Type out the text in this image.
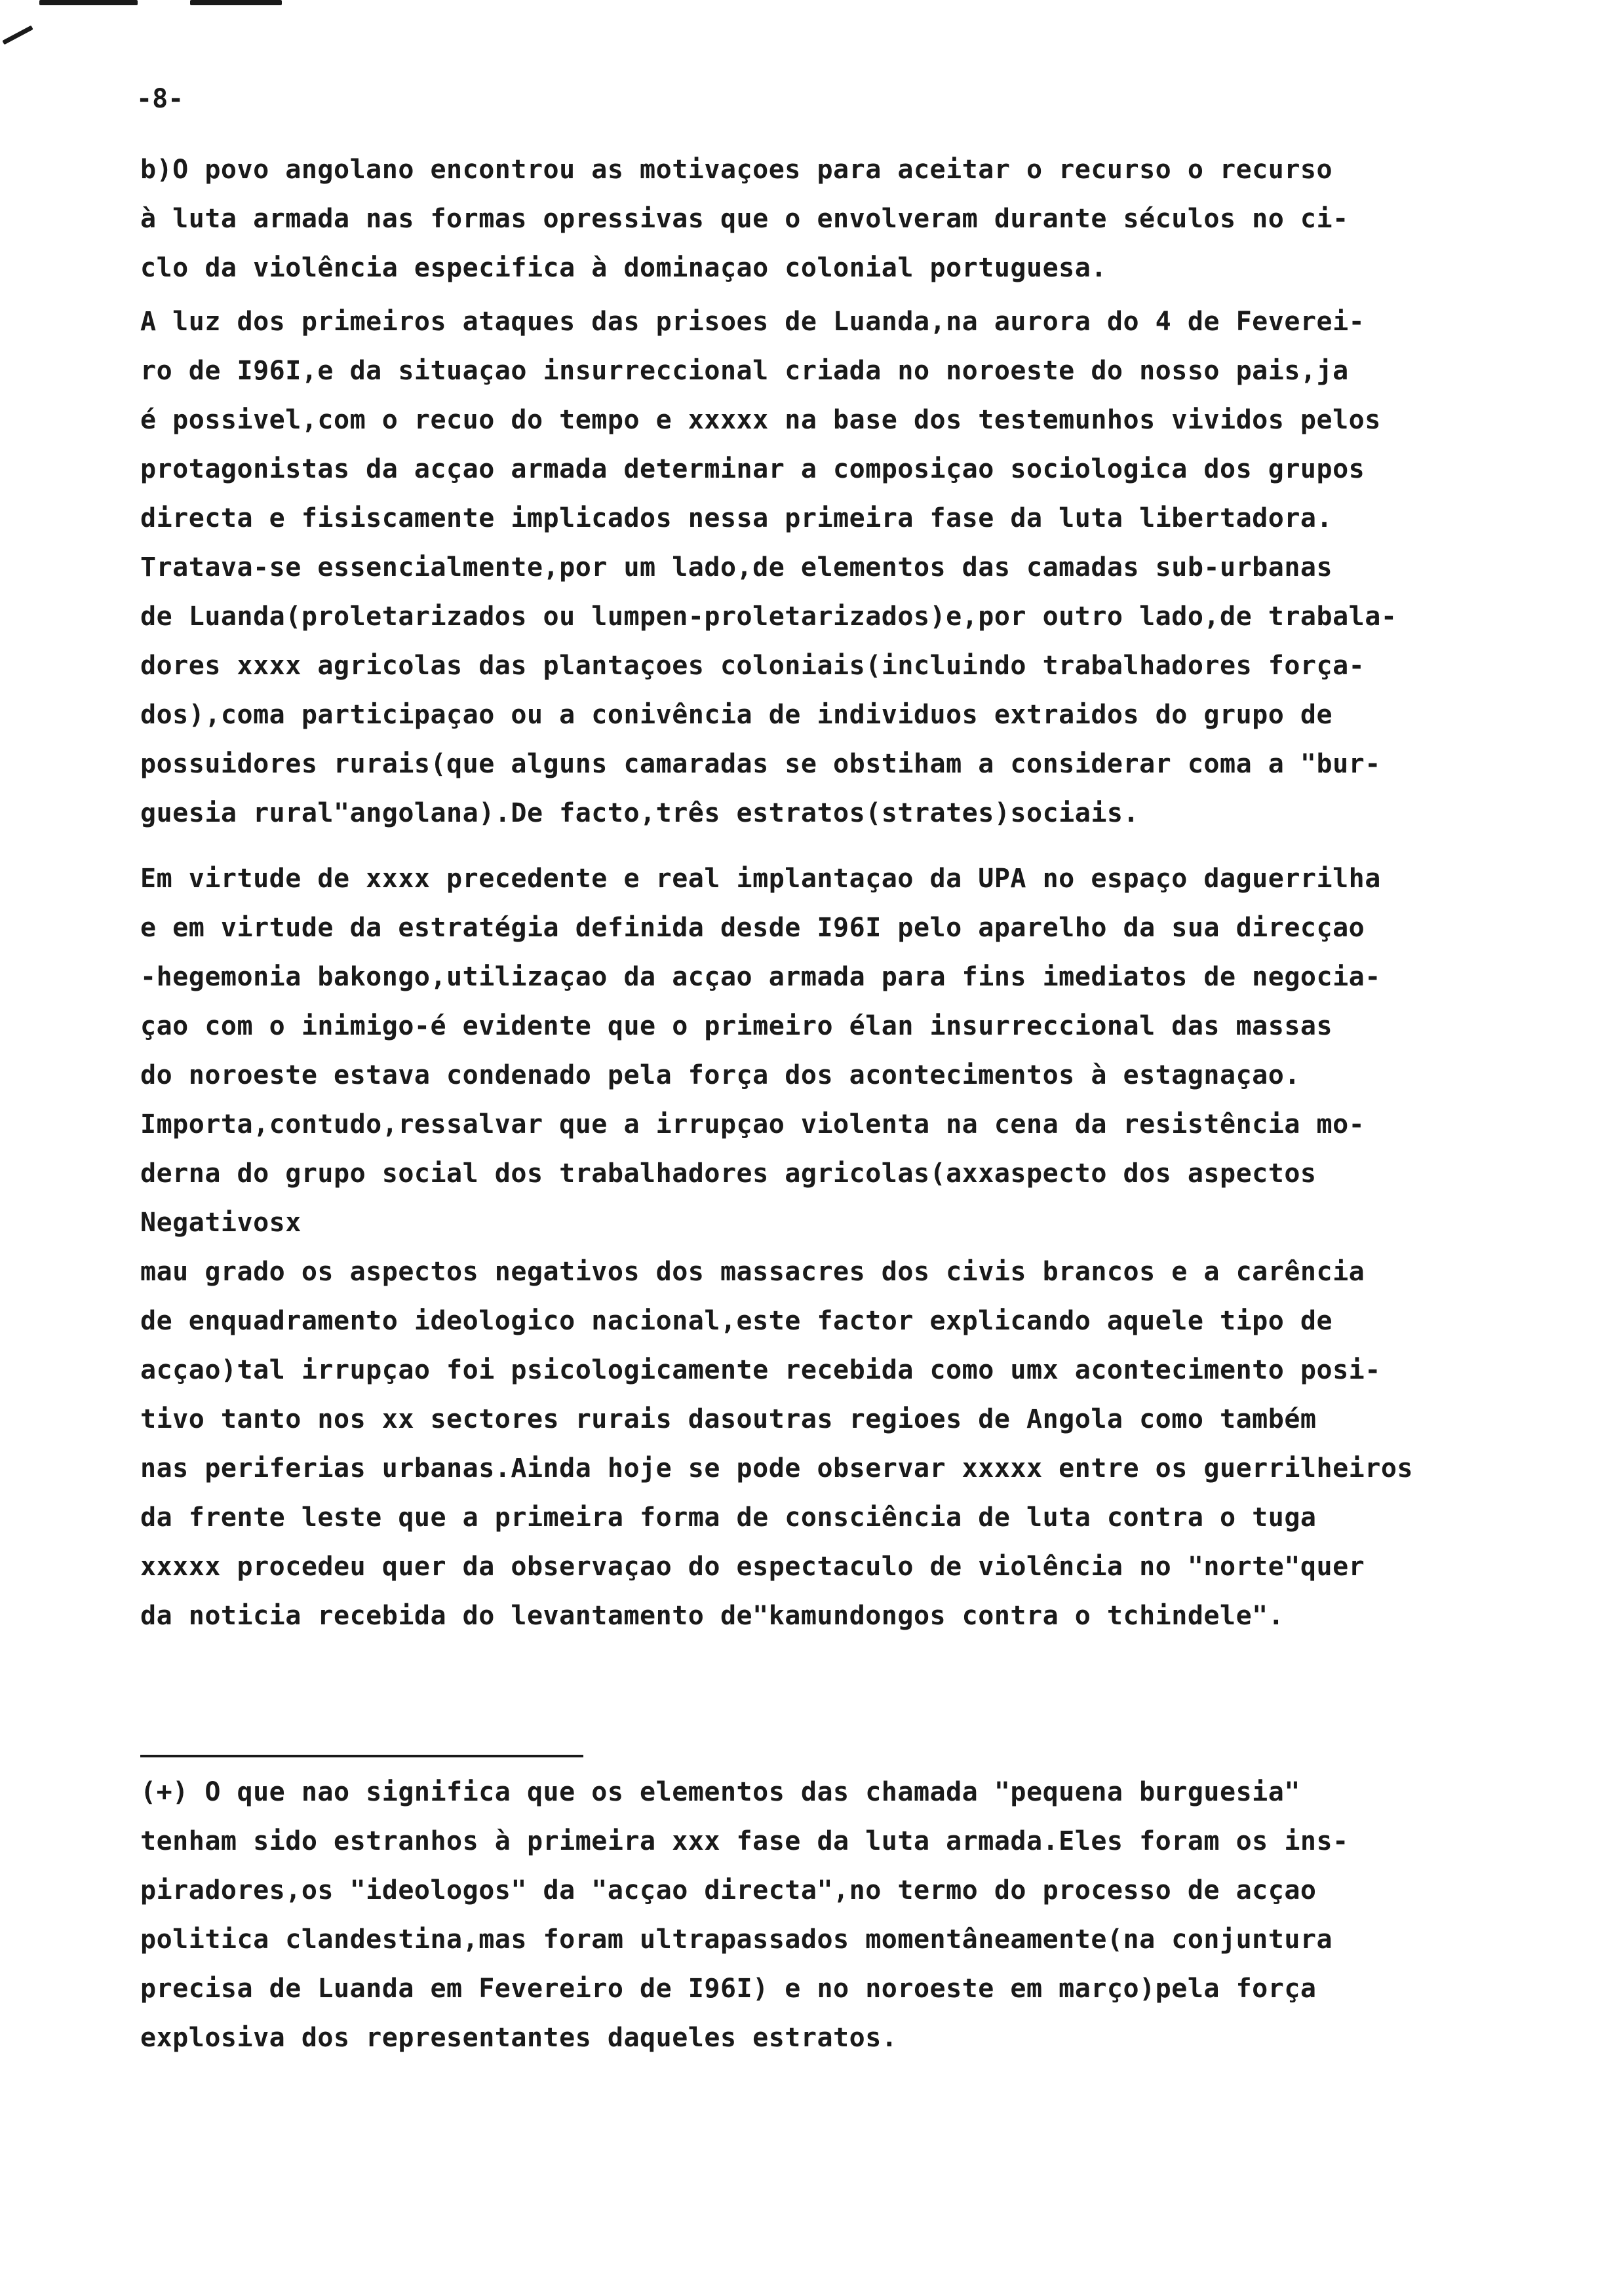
-8-
b)O povo angolano encontrou as motivaçoes para aceitar o recurso o recurso
à luta armada nas formas opressivas que o envolveram durante séculos no ci-
clo da violência especifica à dominaçao colonial portuguesa.
A luz dos primeiros ataques das prisoes de Luanda,na aurora do 4 de Feverei-
ro de I96I,e da situaçao insurreccional criada no noroeste do nosso pais,ja
é possivel,com o recuo do tempo e xxxxx na base dos testemunhos vividos pelos
protagonistas da acçao armada determinar a composiçao sociologica dos grupos
directa e fisiscamente implicados nessa primeira fase da luta libertadora.
Tratava-se essencialmente,por um lado,de elementos das camadas sub-urbanas
de Luanda(proletarizados ou lumpen-proletarizados)e,por outro lado,de trabala-
dores xxxx agricolas das plantaçoes coloniais(incluindo trabalhadores força-
dos),coma participaçao ou a conivência de individuos extraidos do grupo de
possuidores rurais(que alguns camaradas se obstiham a considerar coma a "bur-
guesia rural"angolana).De facto,três estratos(strates)sociais.
Em virtude de xxxx precedente e real implantaçao da UPA no espaço daguerrilha
e em virtude da estratégia definida desde I96I pelo aparelho da sua direcçao
-hegemonia bakongo,utilizaçao da acçao armada para fins imediatos de negocia-
çao com o inimigo-é evidente que o primeiro élan insurreccional das massas
do noroeste estava condenado pela força dos acontecimentos à estagnaçao.
Importa,contudo,ressalvar que a irrupçao violenta na cena da resistência mo-
derna do grupo social dos trabalhadores agricolas(axxaspecto dos aspectos
Negativosx
mau grado os aspectos negativos dos massacres dos civis brancos e a carência
de enquadramento ideologico nacional,este factor explicando aquele tipo de
acçao)tal irrupçao foi psicologicamente recebida como umx acontecimento posi-
tivo tanto nos xx sectores rurais dasoutras regioes de Angola como também
nas periferias urbanas.Ainda hoje se pode observar xxxxx entre os guerrilheiros
da frente leste que a primeira forma de consciência de luta contra o tuga
xxxxx procedeu quer da observaçao do espectaculo de violência no "norte"quer
da noticia recebida do levantamento de"kamundongos contra o tchindele".
(+) O que nao significa que os elementos das chamada "pequena burguesia"
tenham sido estranhos à primeira xxx fase da luta armada.Eles foram os ins-
piradores,os "ideologos" da "acçao directa",no termo do processo de acçao
politica clandestina,mas foram ultrapassados momentâneamente(na conjuntura
precisa de Luanda em Fevereiro de I96I) e no noroeste em março)pela força
explosiva dos representantes daqueles estratos.
